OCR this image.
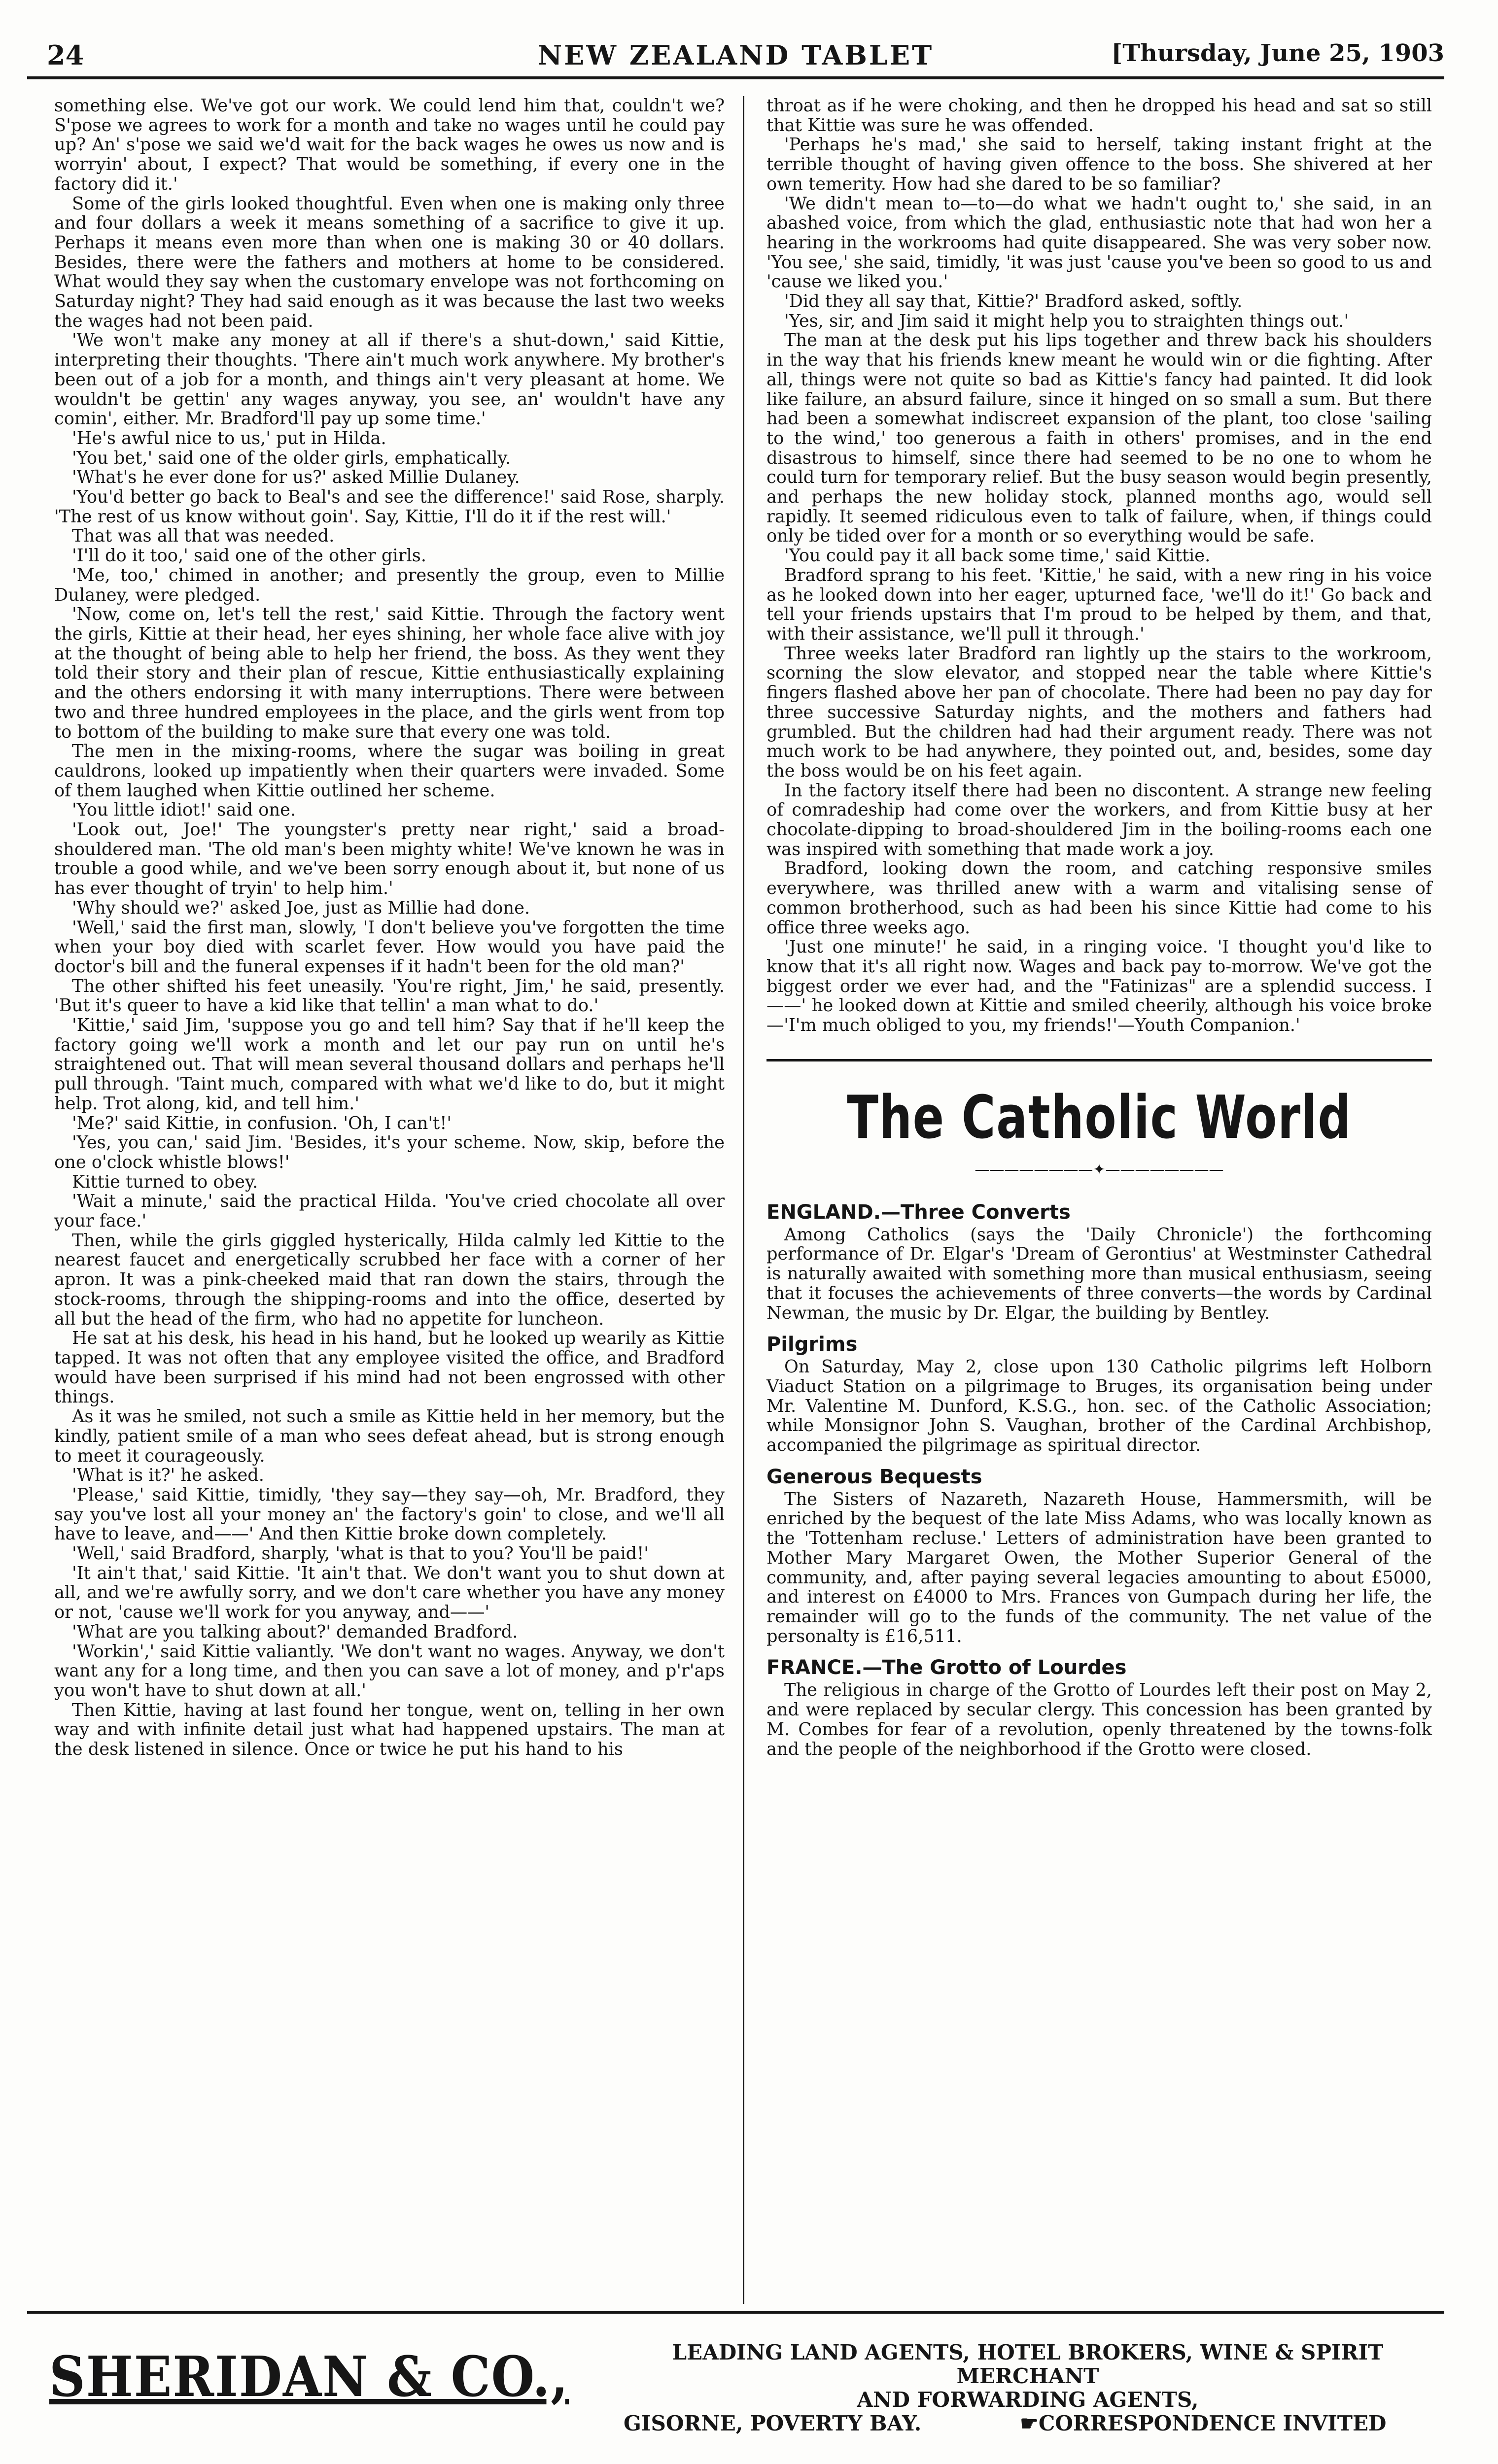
24	NEW ZEALAND TABLET	[Thursday, June 25, 1903

something else. We've got our work. We could lend him that, couldn't we? S'pose we agrees to work for a month and take no wages until he could pay up? An' s'pose we said we'd wait for the back wages he owes us now and is worryin' about, I expect? That would be something, if every one in the factory did it.'

Some of the girls looked thoughtful. Even when one is making only three and four dollars a week it means something of a sacrifice to give it up. Perhaps it means even more than when one is making 30 or 40 dollars. Besides, there were the fathers and mothers at home to be considered. What would they say when the customary envelope was not forthcoming on Saturday night? They had said enough as it was because the last two weeks the wages had not been paid.

'We won't make any money at all if there's a shut-down,' said Kittie, interpreting their thoughts. 'There ain't much work anywhere. My brother's been out of a job for a month, and things ain't very pleasant at home. We wouldn't be gettin' any wages anyway, you see, an' wouldn't have any comin', either. Mr. Bradford'll pay up some time.'

'He's awful nice to us,' put in Hilda.

'You bet,' said one of the older girls, emphatically.

'What's he ever done for us?' asked Millie Dulaney.

'You'd better go back to Beal's and see the difference!' said Rose, sharply. 'The rest of us know without goin'. Say, Kittie, I'll do it if the rest will.'

That was all that was needed.

'I'll do it too,' said one of the other girls.

'Me, too,' chimed in another; and presently the group, even to Millie Dulaney, were pledged.

'Now, come on, let's tell the rest,' said Kittie. Through the factory went the girls, Kittie at their head, her eyes shining, her whole face alive with joy at the thought of being able to help her friend, the boss. As they went they told their story and their plan of rescue, Kittie enthusiastically explaining and the others endorsing it with many interruptions. There were between two and three hundred employees in the place, and the girls went from top to bottom of the building to make sure that every one was told.

The men in the mixing-rooms, where the sugar was boiling in great cauldrons, looked up impatiently when their quarters were invaded. Some of them laughed when Kittie outlined her scheme.

'You little idiot!' said one.

'Look out, Joe!' The youngster's pretty near right,' said a broad-shouldered man. 'The old man's been mighty white! We've known he was in trouble a good while, and we've been sorry enough about it, but none of us has ever thought of tryin' to help him.'

'Why should we?' asked Joe, just as Millie had done.

'Well,' said the first man, slowly, 'I don't believe you've forgotten the time when your boy died with scarlet fever. How would you have paid the doctor's bill and the funeral expenses if it hadn't been for the old man?'

The other shifted his feet uneasily. 'You're right, Jim,' he said, presently. 'But it's queer to have a kid like that tellin' a man what to do.'

'Kittie,' said Jim, 'suppose you go and tell him? Say that if he'll keep the factory going we'll work a month and let our pay run on until he's straightened out. That will mean several thousand dollars and perhaps he'll pull through. 'Taint much, compared with what we'd like to do, but it might help. Trot along, kid, and tell him.'

'Me?' said Kittie, in confusion. 'Oh, I can't!'

'Yes, you can,' said Jim. 'Besides, it's your scheme. Now, skip, before the one o'clock whistle blows!'

Kittie turned to obey.

'Wait a minute,' said the practical Hilda. 'You've cried chocolate all over your face.'

Then, while the girls giggled hysterically, Hilda calmly led Kittie to the nearest faucet and energetically scrubbed her face with a corner of her apron. It was a pink-cheeked maid that ran down the stairs, through the stock-rooms, through the shipping-rooms and into the office, deserted by all but the head of the firm, who had no appetite for luncheon.

He sat at his desk, his head in his hand, but he looked up wearily as Kittie tapped. It was not often that any employee visited the office, and Bradford would have been surprised if his mind had not been engrossed with other things.

As it was he smiled, not such a smile as Kittie held in her memory, but the kindly, patient smile of a man who sees defeat ahead, but is strong enough to meet it courageously.

'What is it?' he asked.

'Please,' said Kittie, timidly, 'they say—they say—oh, Mr. Bradford, they say you've lost all your money an' the factory's goin' to close, and we'll all have to leave, and——' And then Kittie broke down completely.

'Well,' said Bradford, sharply, 'what is that to you? You'll be paid!'

'It ain't that,' said Kittie. 'It ain't that. We don't want you to shut down at all, and we're awfully sorry, and we don't care whether you have any money or not, 'cause we'll work for you anyway, and——'

'What are you talking about?' demanded Bradford.

'Workin',' said Kittie valiantly. 'We don't want no wages. Anyway, we don't want any for a long time, and then you can save a lot of money, and p'r'aps you won't have to shut down at all.'

Then Kittie, having at last found her tongue, went on, telling in her own way and with infinite detail just what had happened upstairs. The man at the desk listened in silence. Once or twice he put his hand to his

throat as if he were choking, and then he dropped his head and sat so still that Kittie was sure he was offended.

'Perhaps he's mad,' she said to herself, taking instant fright at the terrible thought of having given offence to the boss. She shivered at her own temerity. How had she dared to be so familiar?

'We didn't mean to—to—do what we hadn't ought to,' she said, in an abashed voice, from which the glad, enthusiastic note that had won her a hearing in the workrooms had quite disappeared. She was very sober now. 'You see,' she said, timidly, 'it was just 'cause you've been so good to us and 'cause we liked you.'

'Did they all say that, Kittie?' Bradford asked, softly.

'Yes, sir, and Jim said it might help you to straighten things out.'

The man at the desk put his lips together and threw back his shoulders in the way that his friends knew meant he would win or die fighting. After all, things were not quite so bad as Kittie's fancy had painted. It did look like failure, an absurd failure, since it hinged on so small a sum. But there had been a somewhat indiscreet expansion of the plant, too close 'sailing to the wind,' too generous a faith in others' promises, and in the end disastrous to himself, since there had seemed to be no one to whom he could turn for temporary relief. But the busy season would begin presently, and perhaps the new holiday stock, planned months ago, would sell rapidly. It seemed ridiculous even to talk of failure, when, if things could only be tided over for a month or so everything would be safe.

'You could pay it all back some time,' said Kittie.

Bradford sprang to his feet. 'Kittie,' he said, with a new ring in his voice as he looked down into her eager, upturned face, 'we'll do it!' Go back and tell your friends upstairs that I'm proud to be helped by them, and that, with their assistance, we'll pull it through.'

Three weeks later Bradford ran lightly up the stairs to the workroom, scorning the slow elevator, and stopped near the table where Kittie's fingers flashed above her pan of chocolate. There had been no pay day for three successive Saturday nights, and the mothers and fathers had grumbled. But the children had had their argument ready. There was not much work to be had anywhere, they pointed out, and, besides, some day the boss would be on his feet again.

In the factory itself there had been no discontent. A strange new feeling of comradeship had come over the workers, and from Kittie busy at her chocolate-dipping to broad-shouldered Jim in the boiling-rooms each one was inspired with something that made work a joy.

Bradford, looking down the room, and catching responsive smiles everywhere, was thrilled anew with a warm and vitalising sense of common brotherhood, such as had been his since Kittie had come to his office three weeks ago.

'Just one minute!' he said, in a ringing voice. 'I thought you'd like to know that it's all right now. Wages and back pay to-morrow. We've got the biggest order we ever had, and the "Fatinizas" are a splendid success. I——' he looked down at Kittie and smiled cheerily, although his voice broke—'I'm much obliged to you, my friends!'—Youth Companion.'

The Catholic World
————————✦————————
ENGLAND.—Three Converts

Among Catholics (says the 'Daily Chronicle') the forthcoming performance of Dr. Elgar's 'Dream of Gerontius' at Westminster Cathedral is naturally awaited with something more than musical enthusiasm, seeing that it focuses the achievements of three converts—the words by Cardinal Newman, the music by Dr. Elgar, the building by Bentley.

Pilgrims

On Saturday, May 2, close upon 130 Catholic pilgrims left Holborn Viaduct Station on a pilgrimage to Bruges, its organisation being under Mr. Valentine M. Dunford, K.S.G., hon. sec. of the Catholic Association; while Monsignor John S. Vaughan, brother of the Cardinal Archbishop, accompanied the pilgrimage as spiritual director.

Generous Bequests

The Sisters of Nazareth, Nazareth House, Hammersmith, will be enriched by the bequest of the late Miss Adams, who was locally known as the 'Tottenham recluse.' Letters of administration have been granted to Mother Mary Margaret Owen, the Mother Superior General of the community, and, after paying several legacies amounting to about £5000, and interest on £4000 to Mrs. Frances von Gumpach during her life, the remainder will go to the funds of the community. The net value of the personalty is £16,511.

FRANCE.—The Grotto of Lourdes

The religious in charge of the Grotto of Lourdes left their post on May 2, and were replaced by secular clergy. This concession has been granted by M. Combes for fear of a revolution, openly threatened by the towns-folk and the people of the neighborhood if the Grotto were closed.

SHERIDAN & CO.,	LEADING LAND AGENTS, HOTEL BROKERS, WINE & SPIRIT MERCHANT
AND FORWARDING AGENTS,
GISORNE, POVERTY BAY.	☛CORRESPONDENCE INVITED
